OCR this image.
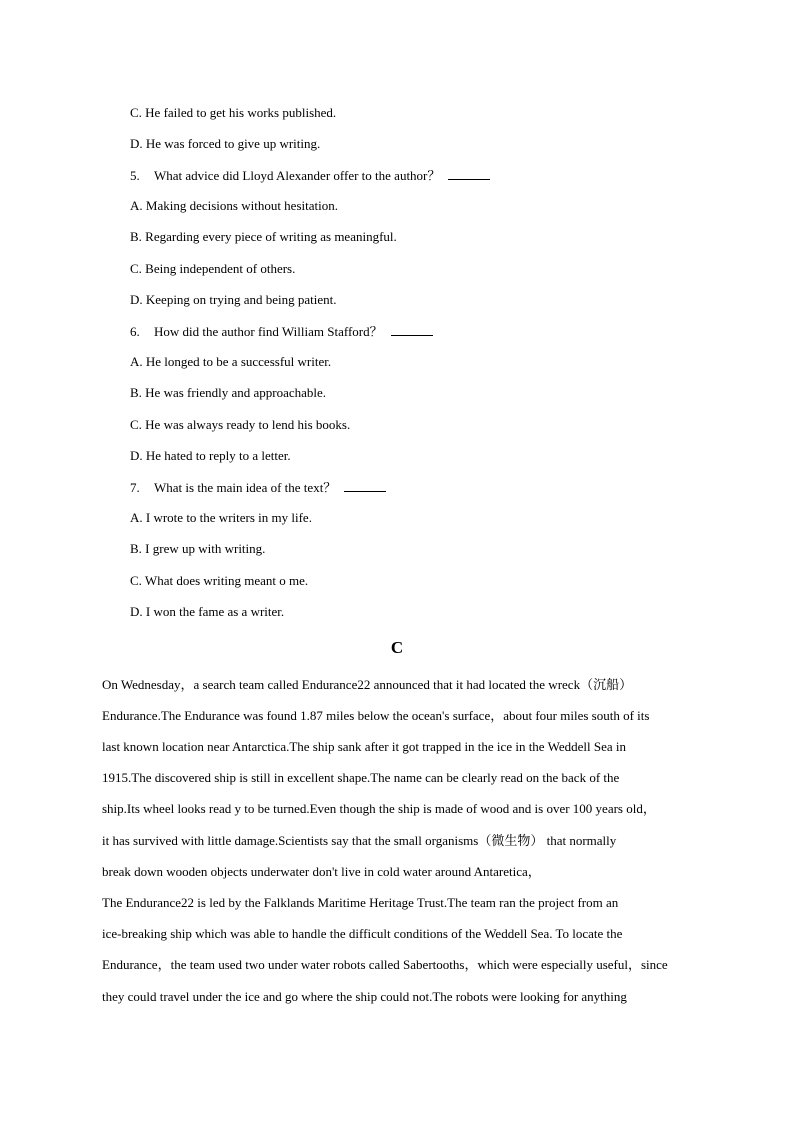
C. He failed to get his works published.
D. He was forced to give up writing.
5. What advice did Lloyd Alexander offer to the author？
A. Making decisions without hesitation.
B. Regarding every piece of writing as meaningful.
C. Being independent of others.
D. Keeping on trying and being patient.
6. How did the author find William Stafford？
A. He longed to be a successful writer.
B. He was friendly and approachable.
C. He was always ready to lend his books.
D. He hated to reply to a letter.
7. What is the main idea of the text？
A. I wrote to the writers in my life.
B. I grew up with writing.
C. What does writing meant o me.
D. I won the fame as a writer.
C
On Wednesday，a search team called Endurance22 announced that it had located the wreck（沉船）
Endurance.The Endurance was found 1.87 miles below the ocean's surface，about four miles south of its
last known location near Antarctica.The ship sank after it got trapped in the ice in the Weddell Sea in
1915.The discovered ship is still in excellent shape.The name can be clearly read on the back of the
ship.Its wheel looks read y to be turned.Even though the ship is made of wood and is over 100 years old，
it has survived with little damage.Scientists say that the small organisms（微生物） that normally
break down wooden objects underwater don't live in cold water around Antaretica，
The Endurance22 is led by the Falklands Maritime Heritage Trust.The team ran the project from an
ice-breaking ship which was able to handle the difficult conditions of the Weddell Sea. To locate the
Endurance，the team used two under water robots called Sabertooths，which were especially useful，since
they could travel under the ice and go where the ship could not.The robots were looking for anything
